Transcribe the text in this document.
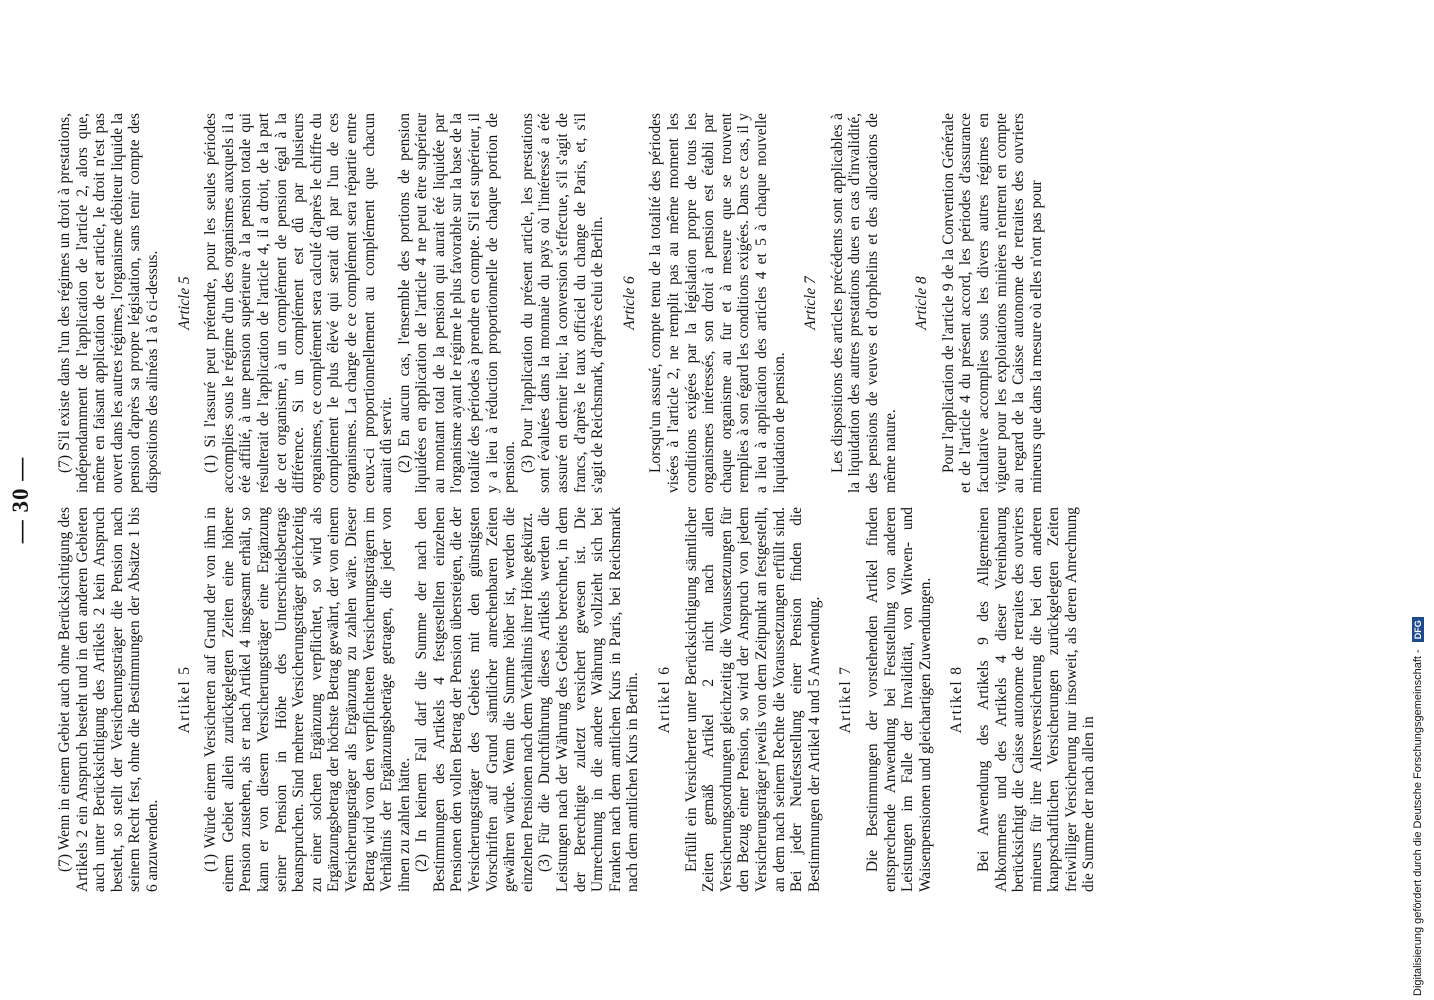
— 30 —

(7) Wenn in einem Gebiet auch ohne Berücksichtigung des Artikels 2 ein Anspruch besteht und in den anderen Gebieten auch unter Berücksichtigung des Artikels 2 kein Anspruch besteht, so stellt der Versicherungsträger die Pension nach seinem Recht fest, ohne die Bestimmungen der Absätze 1 bis 6 anzuwenden.

Artikel 5 (1) Würde einem Versicherten auf Grund der von ihm in einem Gebiet allein zurückgelegten Zeiten eine höhere Pension zustehen, als er nach Artikel 4 insgesamt erhält, so kann er von diesem Versicherungsträger eine Ergänzung seiner Pension in Höhe des Unterschiedsbetrags beanspruchen. Sind mehrere Versicherungsträger gleichzeitig zu einer solchen Ergänzung verpflichtet, so wird als Ergänzungsbetrag der höchste Betrag gewährt, der von einem Versicherungsträger als Ergänzung zu zahlen wäre. Dieser Betrag wird von den verpflichteten Versicherungsträgern im Verhältnis der Ergänzungsbeträge getragen, die jeder von ihnen zu zahlen hätte. (2) In keinem Fall darf die Summe der nach den Bestimmungen des Artikels 4 festgestellten einzelnen Pensionen den vollen Betrag der Pension übersteigen, die der Versicherungsträger des Gebiets mit den günstigsten Vorschriften auf Grund sämtlicher anrechenbaren Zeiten gewähren würde. Wenn die Summe höher ist, werden die einzelnen Pensionen nach dem Verhältnis ihrer Höhe gekürzt. (3) Für die Durchführung dieses Artikels werden die Leistungen nach der Währung des Gebiets berechnet, in dem der Berechtigte zuletzt versichert gewesen ist. Die Umrechnung in die andere Währung vollzieht sich bei Franken nach dem amtlichen Kurs in Paris, bei Reichsmark nach dem amtlichen Kurs in Berlin. Artikel 6 Erfüllt ein Versicherter unter Berücksichtigung sämtlicher Zeiten gemäß Artikel 2 nicht nach allen Versicherungsordnungen gleichzeitig die Voraussetzungen für den Bezug einer Pension, so wird der Anspruch von jedem Versicherungsträger jeweils von dem Zeitpunkt an festgestellt, an dem nach seinem Rechte die Voraussetzungen erfüllt sind. Bei jeder Neufeststellung einer Pension finden die Bestimmungen der Artikel 4 und 5 Anwendung. Artikel 7 Die Bestimmungen der vorstehenden Artikel finden entsprechende Anwendung bei Feststellung von anderen Leistungen im Falle der Invalidität, von Witwen- und Waisenpensionen und gleichartigen Zuwendungen. Artikel 8 Bei Anwendung des Artikels 9 des Allgemeinen Abkommens und des Artikels 4 dieser Vereinbarung berücksichtigt die Caisse autonome de retraites des ouvriers mineurs für ihre Altersversicherung die bei den anderen knappschaftlichen Versicherungen zurückgelegten Zeiten freiwilliger Versicherung nur insoweit, als deren Anrechnung die Summe der nach allen in

(7) S'il existe dans l'un des régimes un droit à prestations, indépendamment de l'application de l'article 2, alors que, même en faisant application de cet article, le droit n'est pas ouvert dans les autres régimes, l'organisme débiteur liquide la pension d'après sa propre législation, sans tenir compte des dispositions des alinéas 1 à 6 ci-dessus. Article 5 (1) Si l'assuré peut prétendre, pour les seules périodes accomplies sous le régime d'un des organismes auxquels il a été affilié, à une pension supérieure à la pension totale qui résulterait de l'application de l'article 4, il a droit, de la part de cet organisme, à un complément de pension égal à la différence. Si un complément est dû par plusieurs organismes, ce complément sera calculé d'après le chiffre du complément le plus élevé qui serait dû par l'un de ces organismes. La charge de ce complément sera répartie entre ceux-ci proportionnellement au complément que chacun aurait dû servir. (2) En aucun cas, l'ensemble des portions de pension liquidées en application de l'article 4 ne peut être supérieur au montant total de la pension qui aurait été liquidée par l'organisme ayant le régime le plus favorable sur la base de la totalité des périodes à prendre en compte. S'il est supérieur, il y a lieu à réduction proportionnelle de chaque portion de pension. (3) Pour l'application du présent article, les prestations sont évaluées dans la monnaie du pays où l'intéressé a été assuré en dernier lieu; la conversion s'effectue, s'il s'agit de francs, d'après le taux officiel du change de Paris, et, s'il s'agit de Reichsmark, d'après celui de Berlin. Article 6 Lorsqu'un assuré, compte tenu de la totalité des périodes visées à l'article 2, ne remplit pas au même moment les conditions exigées par la législation propre de tous les organismes intéressés, son droit à pension est établi par chaque organisme au fur et à mesure que se trouvent remplies à son égard les conditions exigées. Dans ce cas, il y a lieu à application des articles 4 et 5 à chaque nouvelle liquidation de pension.

Article 7 Les dispositions des articles précédents sont applicables à la liquidation des autres prestations dues en cas d'invalidité, des pensions de veuves et d'orphelins et des allocations de même nature.

Article 8 Pour l'application de l'article 9 de la Convention Générale et de l'article 4 du présent accord, les périodes d'assurance facultative accomplies sous les divers autres régimes en vigueur pour les exploitations minières n'entrent en compte au regard de la Caisse autonome de retraites des ouvriers mineurs que dans la mesure où elles n'ont pas pour

Digitalisierung gefördert durch die Deutsche Forschungsgemeinschaft - DFG
